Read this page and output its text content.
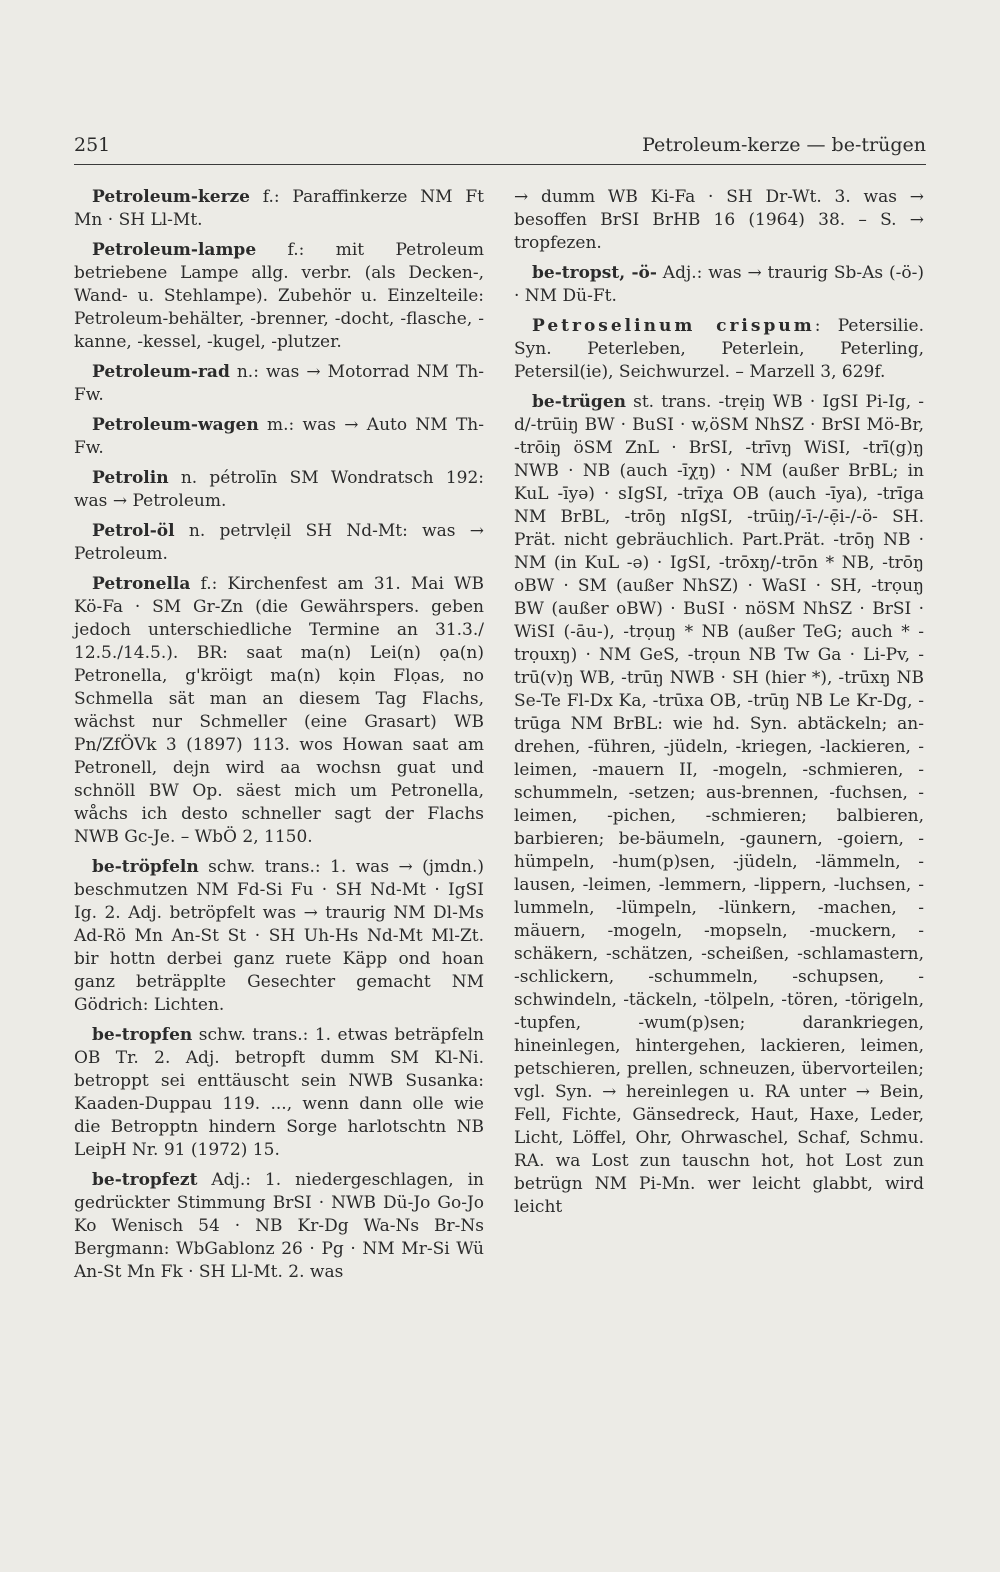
251	Petroleum-kerze — be-trügen

Petroleum-kerze f.: Paraffinkerze NM Ft Mn · SH Ll-Mt.

Petroleum-lampe f.: mit Petroleum betriebene Lampe allg. verbr. (als Decken-, Wand- u. Stehlampe). Zubehör u. Einzelteile: Petroleum-behälter, -brenner, -docht, -flasche, -kanne, -kessel, -kugel, -plutzer.

Petroleum-rad n.: was → Motorrad NM Th-Fw.

Petroleum-wagen m.: was → Auto NM Th-Fw.

Petrolin n. pétrolīn SM Wondratsch 192: was → Petroleum.

Petrol-öl n. petrvlẹil SH Nd-Mt: was → Petroleum.

Petronella f.: Kirchenfest am 31. Mai WB Kö-Fa · SM Gr-Zn (die Gewährspers. geben jedoch unterschiedliche Termine an 31.3./ 12.5./14.5.). BR: saat ma(n) Lei(n) ọa(n) Petronella, g'kröigt ma(n) kọin Flọas, no Schmella sät man an diesem Tag Flachs, wächst nur Schmeller (eine Grasart) WB Pn/ZfÖVk 3 (1897) 113. wos Howan saat am Petronell, dejn wird aa wochsn guat und schnöll BW Op. säest mich um Petronella, wåchs ich desto schneller sagt der Flachs NWB Gc-Je. – WbÖ 2, 1150.

be-tröpfeln schw. trans.: 1. was → (jmdn.) beschmutzen NM Fd-Si Fu · SH Nd-Mt · IgSI Ig. 2. Adj. betröpfelt was → traurig NM Dl-Ms Ad-Rö Mn An-St St · SH Uh-Hs Nd-Mt Ml-Zt. bir hottn derbei ganz ruete Käpp ond hoan ganz beträpplte Gesechter gemacht NM Gödrich: Lichten.

be-tropfen schw. trans.: 1. etwas beträpfeln OB Tr. 2. Adj. betropft dumm SM Kl-Ni. betroppt sei enttäuscht sein NWB Susanka: Kaaden-Duppau 119. ..., wenn dann olle wie die Betropptn hindern Sorge harlotschtn NB LeipH Nr. 91 (1972) 15.

be-tropfezt Adj.: 1. niedergeschlagen, in gedrückter Stimmung BrSI · NWB Dü-Jo Go-Jo Ko Wenisch 54 · NB Kr-Dg Wa-Ns Br-Ns Bergmann: WbGablonz 26 · Pg · NM Mr-Si Wü An-St Mn Fk · SH Ll-Mt. 2. was

→ dumm WB Ki-Fa · SH Dr-Wt. 3. was → besoffen BrSI BrHB 16 (1964) 38. – S. → tropfezen.

be-tropst, -ö- Adj.: was → traurig Sb-As (-ö-) · NM Dü-Ft.

Petroselinum crispum: Petersilie. Syn. Peterleben, Peterlein, Peterling, Petersil(ie), Seichwurzel. – Marzell 3, 629f.

be-trügen st. trans. -trẹiŋ WB · IgSI Pi-Ig, -d/-trūiŋ BW · BuSI · w,öSM NhSZ · BrSI Mö-Br, -trōiŋ öSM ZnL · BrSI, -trīvŋ WiSI, -trī(g)ŋ NWB · NB (auch -īχŋ) · NM (außer BrBL; in KuL -īyə) · sIgSI, -trīχa OB (auch -īya), -trīga NM BrBL, -trōŋ nIgSI, -trūiŋ/-ī-/-ẹ̄i-/-ö- SH. Prät. nicht gebräuchlich. Part.Prät. -trōŋ NB · NM (in KuL -ə) · IgSI, -trōxŋ/-trōn * NB, -trōŋ oBW · SM (außer NhSZ) · WaSI · SH, -trọuŋ BW (außer oBW) · BuSI · nöSM NhSZ · BrSI · WiSI (-āu-), -trọuŋ * NB (außer TeG; auch * -trọuxŋ) · NM GeS, -trọun NB Tw Ga · Li-Pv, -trū(v)ŋ WB, -trūŋ NWB · SH (hier *), -trūxŋ NB Se-Te Fl-Dx Ka, -trūxa OB, -trūŋ NB Le Kr-Dg, -trūga NM BrBL: wie hd. Syn. abtäckeln; an-drehen, -führen, -jüdeln, -kriegen, -lackieren, -leimen, -mauern II, -mogeln, -schmieren, -schummeln, -setzen; aus-brennen, -fuchsen, -leimen, -pichen, -schmieren; balbieren, barbieren; be-bäumeln, -gaunern, -goiern, -hümpeln, -hum(p)sen, -jüdeln, -lämmeln, -lausen, -leimen, -lemmern, -lippern, -luchsen, -lummeln, -lümpeln, -lünkern, -machen, -mäuern, -mogeln, -mopseln, -muckern, -schäkern, -schätzen, -scheißen, -schlamastern, -schlickern, -schummeln, -schupsen, -schwindeln, -täckeln, -tölpeln, -tören, -törigeln, -tupfen, -wum(p)sen; darankriegen, hineinlegen, hintergehen, lackieren, leimen, petschieren, prellen, schneuzen, übervorteilen; vgl. Syn. → hereinlegen u. RA unter → Bein, Fell, Fichte, Gänsedreck, Haut, Haxe, Leder, Licht, Löffel, Ohr, Ohrwaschel, Schaf, Schmu. RA. wa Lost zun tauschn hot, hot Lost zun betrügn NM Pi-Mn. wer leicht glabbt, wird leicht
